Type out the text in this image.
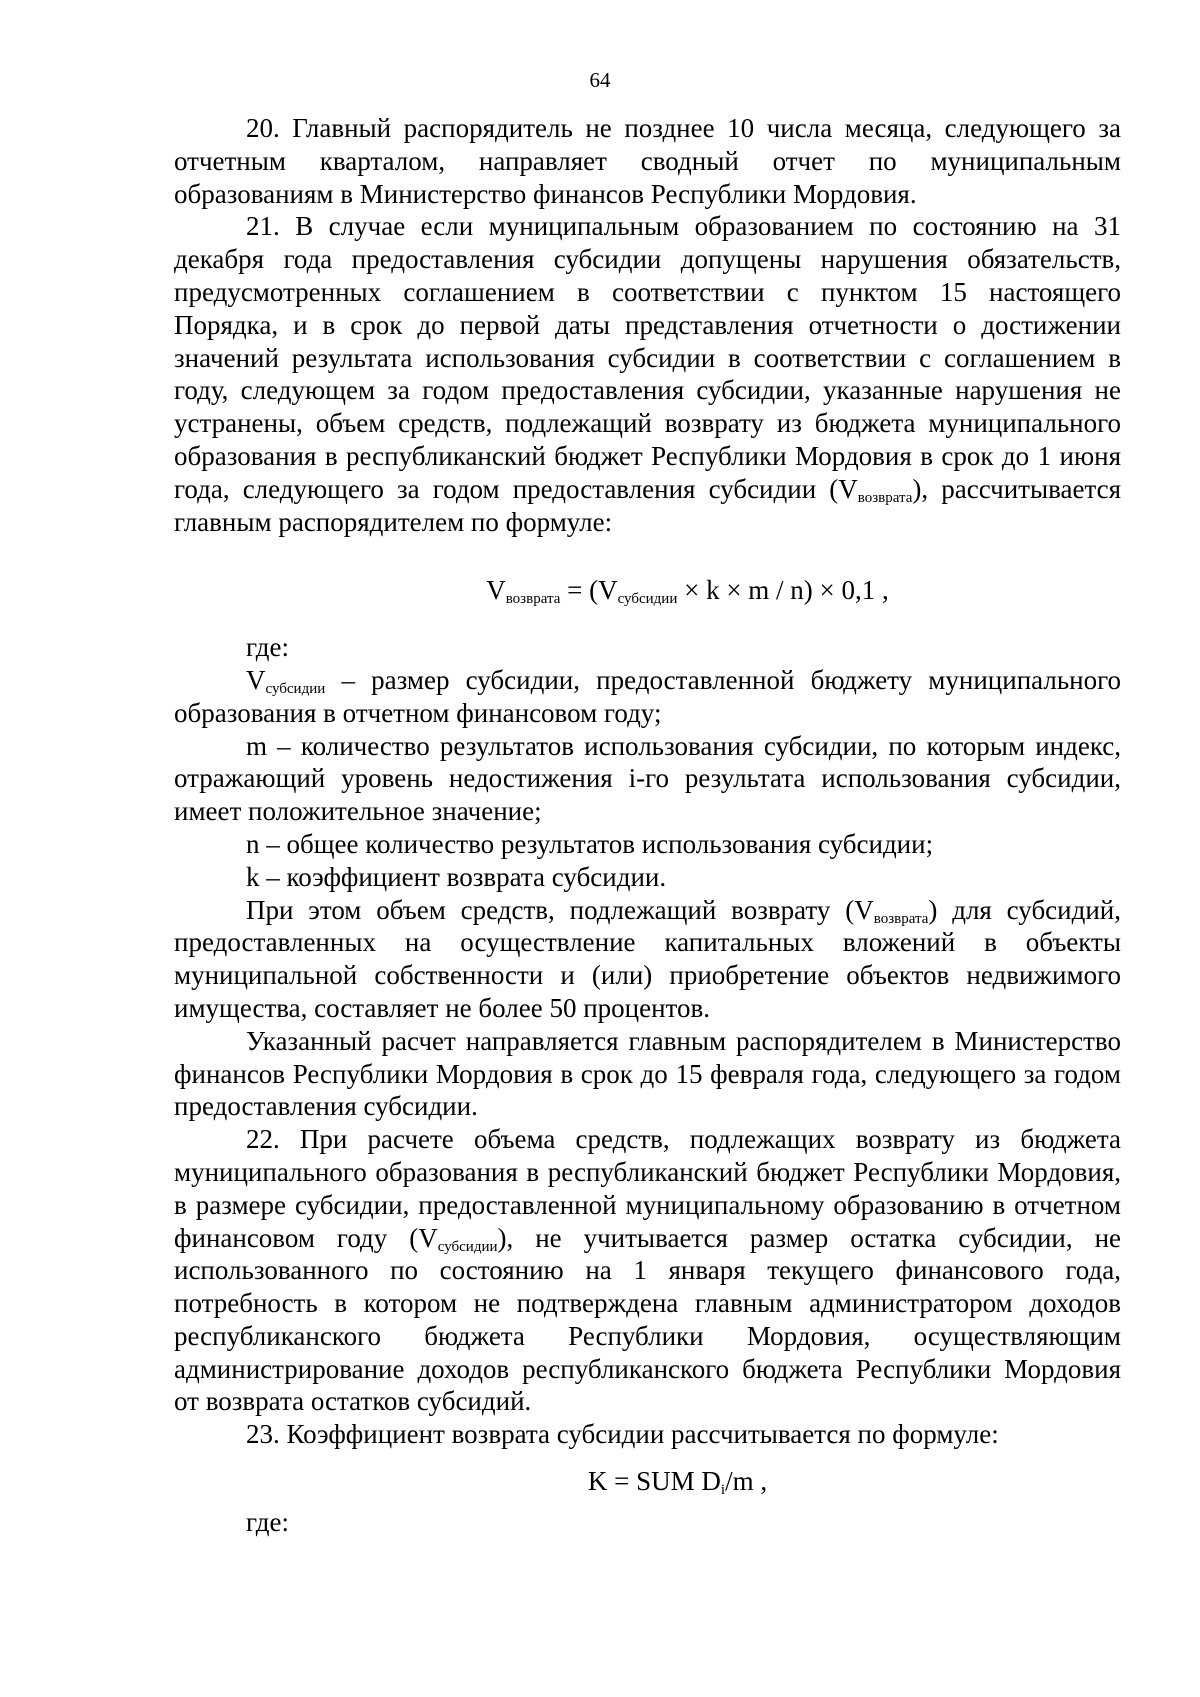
64

20. Главный распорядитель не позднее 10 числа месяца, следующего за отчетным кварталом, направляет сводный отчет по муниципальным образованиям в Министерство финансов Республики Мордовия.

21. В случае если муниципальным образованием по состоянию на 31 декабря года предоставления субсидии допущены нарушения обязательств, предусмотренных соглашением в соответствии с пунктом 15 настоящего Порядка, и в срок до первой даты представления отчетности о достижении значений результата использования субсидии в соответствии с соглашением в году, следующем за годом предоставления субсидии, указанные нарушения не устранены, объем средств, подлежащий возврату из бюджета муниципального образования в республиканский бюджет Республики Мордовия в срок до 1 июня года, следующего за годом предоставления субсидии $(V_{возврата})$, рассчитывается главным распорядителем по формуле:

$V_{возврата} = (V_{субсидии} \times k \times m / n) \times 0,1$ ,

где:

$V_{субсидии}$ – размер субсидии, предоставленной бюджету муниципального образования в отчетном финансовом году;

m – количество результатов использования субсидии, по которым индекс, отражающий уровень недостижения i-го результата использования субсидии, имеет положительное значение;

n – общее количество результатов использования субсидии;

k – коэффициент возврата субсидии.

При этом объем средств, подлежащий возврату $(V_{возврата})$ для субсидий, предоставленных на осуществление капитальных вложений в объекты муниципальной собственности и (или) приобретение объектов недвижимого имущества, составляет не более 50 процентов.

Указанный расчет направляется главным распорядителем в Министерство финансов Республики Мордовия в срок до 15 февраля года, следующего за годом предоставления субсидии.

22. При расчете объема средств, подлежащих возврату из бюджета муниципального образования в республиканский бюджет Республики Мордовия, в размере субсидии, предоставленной муниципальному образованию в отчетном финансовом году $(V_{субсидии})$, не учитывается размер остатка субсидии, не использованного по состоянию на 1 января текущего финансового года, потребность в котором не подтверждена главным администратором доходов республиканского бюджета Республики Мордовия, осуществляющим администрирование доходов республиканского бюджета Республики Мордовия от возврата остатков субсидий.

23. Коэффициент возврата субсидии рассчитывается по формуле:

K = SUM $D_i/m$ ,

где:
